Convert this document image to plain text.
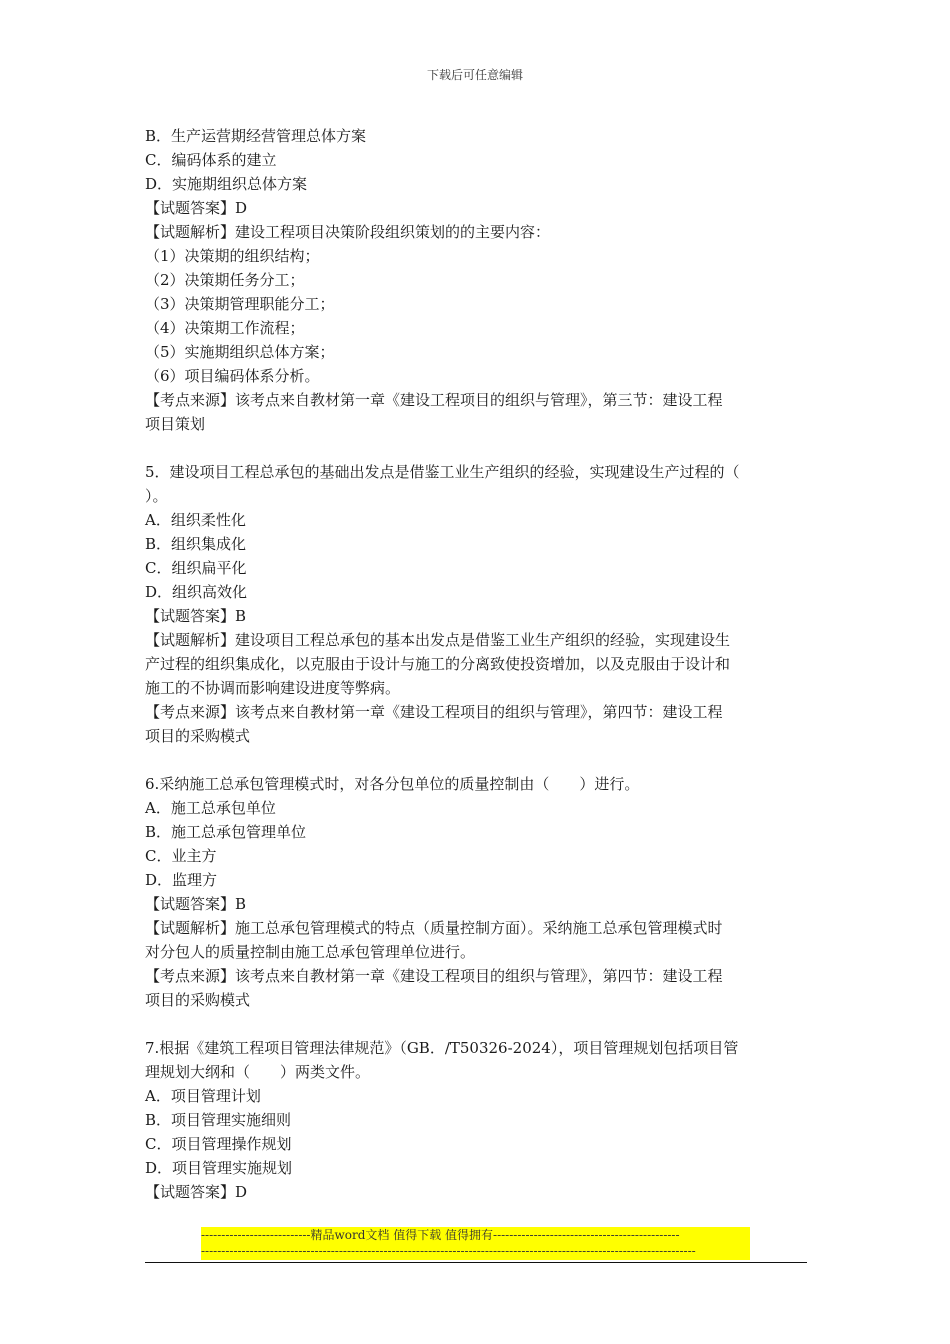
下载后可任意编辑

B．生产运营期经营管理总体方案

C．编码体系的建立

D．实施期组织总体方案

【试题答案】D

【试题解析】建设工程项目决策阶段组织策划的的主要内容：

（1）决策期的组织结构；

（2）决策期任务分工；

（3）决策期管理职能分工；

（4）决策期工作流程；

（5）实施期组织总体方案；

（6）项目编码体系分析。

【考点来源】该考点来自教材第一章《建设工程项目的组织与管理》，第三节：建设工程

项目策划

5．建设项目工程总承包的基础出发点是借鉴工业生产组织的经验，实现建设生产过程的（

）。

A．组织柔性化

B．组织集成化

C．组织扁平化

D．组织高效化

【试题答案】B

【试题解析】建设项目工程总承包的基本出发点是借鉴工业生产组织的经验，实现建设生

产过程的组织集成化，以克服由于设计与施工的分离致使投资增加，以及克服由于设计和

施工的不协调而影响建设进度等弊病。

【考点来源】该考点来自教材第一章《建设工程项目的组织与管理》，第四节：建设工程

项目的采购模式

6.采纳施工总承包管理模式时，对各分包单位的质量控制由（　　）进行。

A．施工总承包单位

B．施工总承包管理单位

C．业主方

D．监理方

【试题答案】B

【试题解析】施工总承包管理模式的特点（质量控制方面）。采纳施工总承包管理模式时

对分包人的质量控制由施工总承包管理单位进行。

【考点来源】该考点来自教材第一章《建设工程项目的组织与管理》，第四节：建设工程

项目的采购模式

7.根据《建筑工程项目管理法律规范》（GB．/T50326-2024），项目管理规划包括项目管

理规划大纲和（　　）两类文件。

A．项目管理计划

B．项目管理实施细则

C．项目管理操作规划

D．项目管理实施规划

【试题答案】D

---------------------------精品word文档 值得下载 值得拥有----------------------------------------------
--------------------------------------------------------------------------------------------------------------------------
